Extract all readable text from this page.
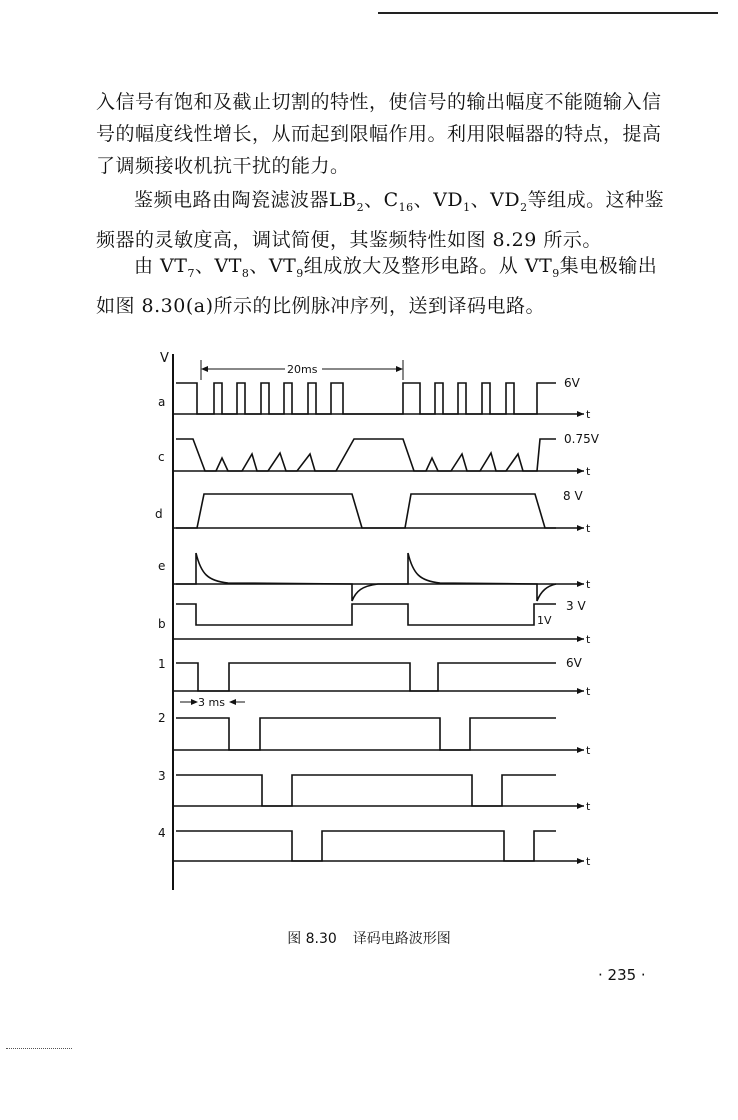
入信号有饱和及截止切割的特性，使信号的输出幅度不能随输入信号的幅度线性增长，从而起到限幅作用。利用限幅器的特点，提高了调频接收机抗干扰的能力。

鉴频电路由陶瓷滤波器$LB_2$、$C_{16}$、$VD_1$、$VD_2$等组成。这种鉴频器的灵敏度高，调试简便，其鉴频特性如图 8.29 所示。

由 $VT_7$、$VT_8$、$VT_9$组成放大及整形电路。从 $VT_9$集电极输出如图 8.30(a)所示的比例脉冲序列，送到译码电路。

V
20ms
t
a
6V
t
c
0.75V
t
d
8 V
t
e
t
b
3 V
1V
t
1	6V
3 ms
t
2
t
3
t
4
图 8.30 译码电路波形图
· 235 ·
